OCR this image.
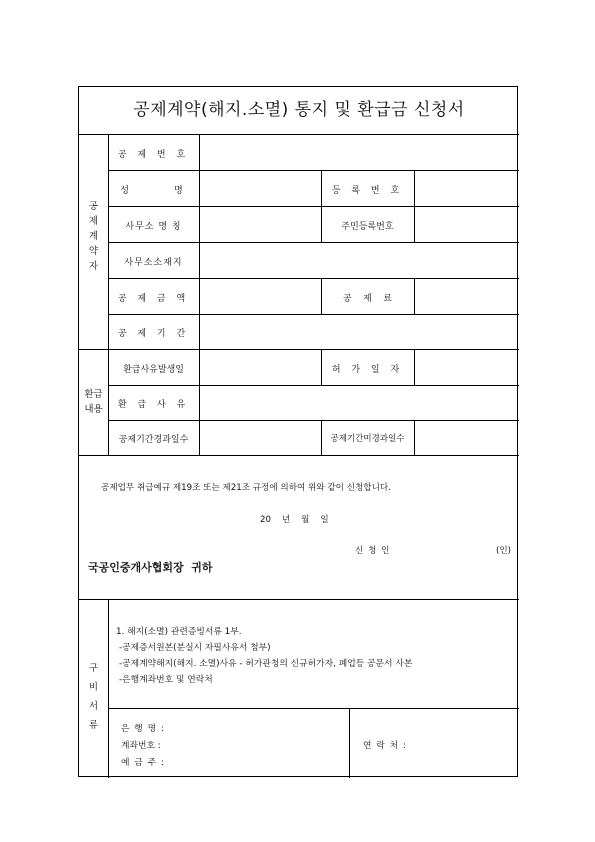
공제계약(해지.소멸) 통지 및 환급금 신청서
공
제
계
약
자
공 제 번 호
성      명	등 록 번 호
사무소 명 칭	주민등록번호
사무소소재지
공 제 금 액	공    제    료
공 제 기 간
환급
내용
환급사유발생일	허 가 일 자
환 급 사 유
공제기간경과일수	공제기간미경과일수
공제업무 취급예규 제19조 또는 제21조 규정에 의하여 위와 같이 신청합니다.
20    년    월    일
신 청 인	(인)
국공인중개사협회장  귀하
구
비
서
류
1. 해지(소멸) 관련증빙서류 1부.
-공제증서원본(분실시 자필사유서 첨부)
-공제계약해지(해지. 소멸)사유 - 허가관청의 신규허가자, 폐업등 공문서 사본
-은행계좌번호 및 연락처
은 행 명 :
계좌번호 :
예 금 주 :
연 락 처 :
